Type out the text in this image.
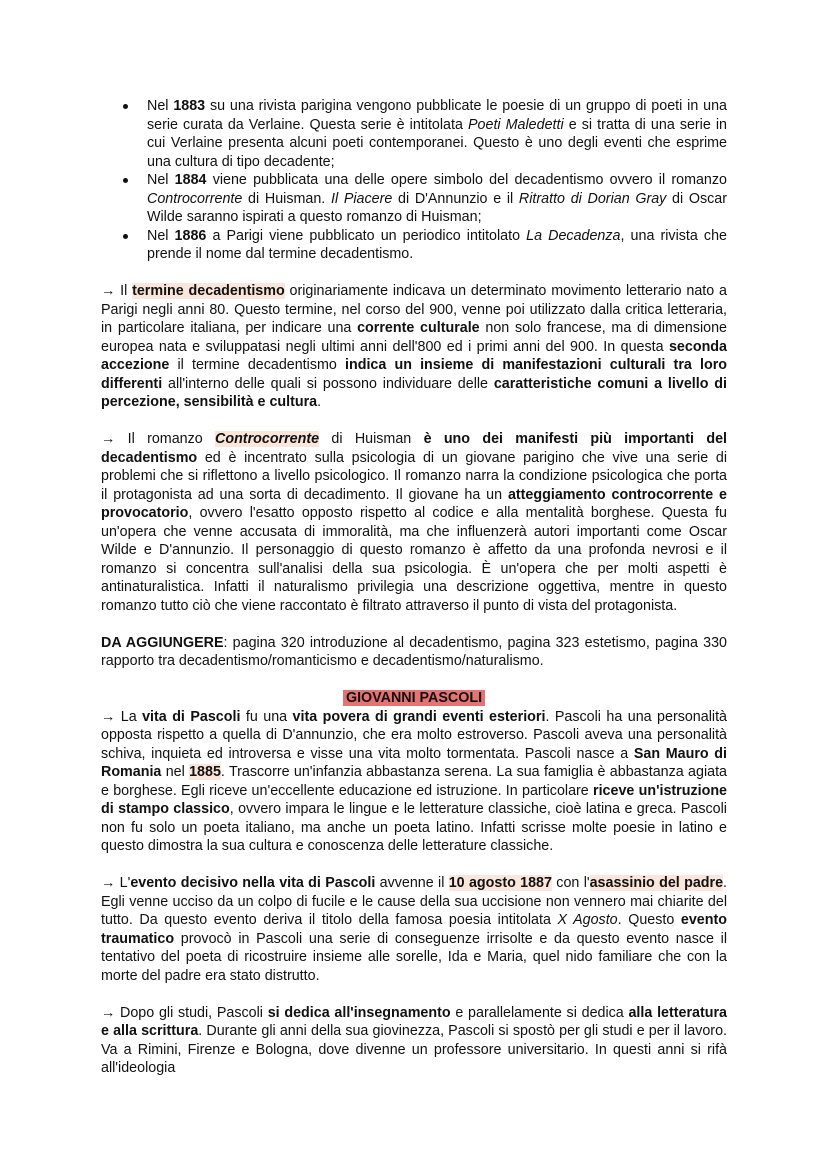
Nel 1883 su una rivista parigina vengono pubblicate le poesie di un gruppo di poeti in una serie curata da Verlaine. Questa serie è intitolata Poeti Maledetti e si tratta di una serie in cui Verlaine presenta alcuni poeti contemporanei. Questo è uno degli eventi che esprime una cultura di tipo decadente;
Nel 1884 viene pubblicata una delle opere simbolo del decadentismo ovvero il romanzo Controcorrente di Huisman. Il Piacere di D'Annunzio e il Ritratto di Dorian Gray di Oscar Wilde saranno ispirati a questo romanzo di Huisman;
Nel 1886 a Parigi viene pubblicato un periodico intitolato La Decadenza, una rivista che prende il nome dal termine decadentismo.

→ Il termine decadentismo originariamente indicava un determinato movimento letterario nato a Parigi negli anni 80. Questo termine, nel corso del 900, venne poi utilizzato dalla critica letteraria, in particolare italiana, per indicare una corrente culturale non solo francese, ma di dimensione europea nata e sviluppatasi negli ultimi anni dell'800 ed i primi anni del 900. In questa seconda accezione il termine decadentismo indica un insieme di manifestazioni culturali tra loro differenti all'interno delle quali si possono individuare delle caratteristiche comuni a livello di percezione, sensibilità e cultura.

→ Il romanzo Controcorrente di Huisman è uno dei manifesti più importanti del decadentismo ed è incentrato sulla psicologia di un giovane parigino che vive una serie di problemi che si riflettono a livello psicologico. Il romanzo narra la condizione psicologica che porta il protagonista ad una sorta di decadimento. Il giovane ha un atteggiamento controcorrente e provocatorio, ovvero l'esatto opposto rispetto al codice e alla mentalità borghese. Questa fu un'opera che venne accusata di immoralità, ma che influenzerà autori importanti come Oscar Wilde e D'annunzio. Il personaggio di questo romanzo è affetto da una profonda nevrosi e il romanzo si concentra sull'analisi della sua psicologia. È un'opera che per molti aspetti è antinaturalistica. Infatti il naturalismo privilegia una descrizione oggettiva, mentre in questo romanzo tutto ciò che viene raccontato è filtrato attraverso il punto di vista del protagonista.

DA AGGIUNGERE: pagina 320 introduzione al decadentismo, pagina 323 estetismo, pagina 330 rapporto tra decadentismo/romanticismo e decadentismo/naturalismo.

GIOVANNI PASCOLI

→ La vita di Pascoli fu una vita povera di grandi eventi esteriori. Pascoli ha una personalità opposta rispetto a quella di D'annunzio, che era molto estroverso. Pascoli aveva una personalità schiva, inquieta ed introversa e visse una vita molto tormentata. Pascoli nasce a San Mauro di Romania nel 1885. Trascorre un'infanzia abbastanza serena. La sua famiglia è abbastanza agiata e borghese. Egli riceve un'eccellente educazione ed istruzione. In particolare riceve un'istruzione di stampo classico, ovvero impara le lingue e le letterature classiche, cioè latina e greca. Pascoli non fu solo un poeta italiano, ma anche un poeta latino. Infatti scrisse molte poesie in latino e questo dimostra la sua cultura e conoscenza delle letterature classiche.

→ L'evento decisivo nella vita di Pascoli avvenne il 10 agosto 1887 con l'asassinio del padre. Egli venne ucciso da un colpo di fucile e le cause della sua uccisione non vennero mai chiarite del tutto. Da questo evento deriva il titolo della famosa poesia intitolata X Agosto. Questo evento traumatico provocò in Pascoli una serie di conseguenze irrisolte e da questo evento nasce il tentativo del poeta di ricostruire insieme alle sorelle, Ida e Maria, quel nido familiare che con la morte del padre era stato distrutto.

→ Dopo gli studi, Pascoli si dedica all'insegnamento e parallelamente si dedica alla letteratura e alla scrittura. Durante gli anni della sua giovinezza, Pascoli si spostò per gli studi e per il lavoro. Va a Rimini, Firenze e Bologna, dove divenne un professore universitario. In questi anni si rifà all'ideologia
